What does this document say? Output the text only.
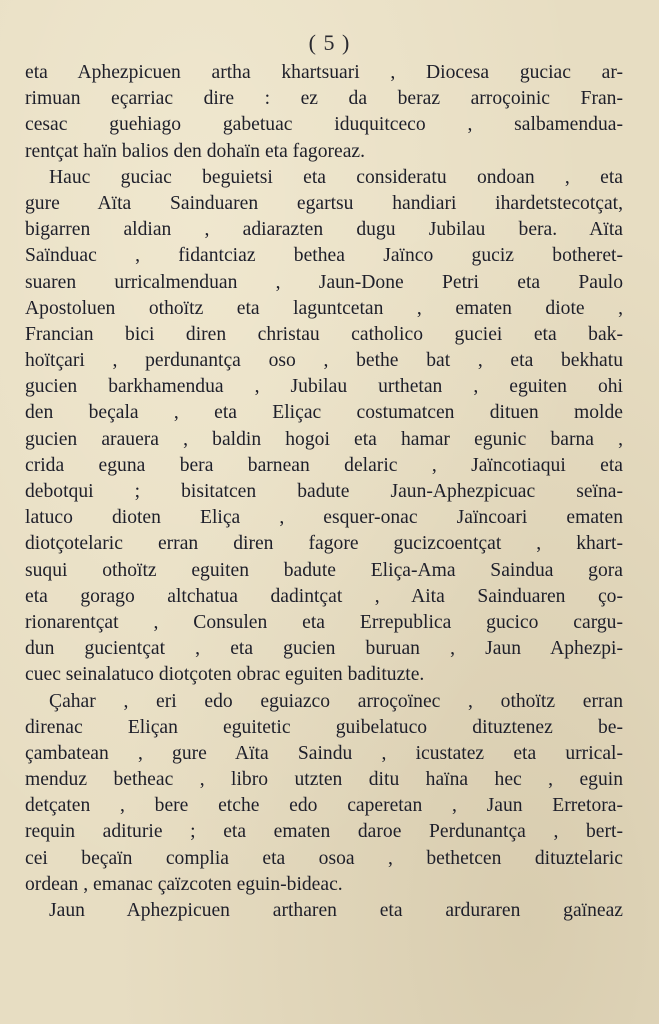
( 5 )
eta Aphezpicuen artha khartsuari , Diocesa guciac ar-
rimuan eçarriac dire : ez da beraz arroçoinic Fran-
cesac guehiago gabetuac iduquitceco , salbamendua-
rentçat haïn balios den dohaïn eta fagoreaz.
Hauc guciac beguietsi eta consideratu ondoan , eta
gure Aïta Sainduaren egartsu handiari ihardetstecotçat,
bigarren aldian , adiarazten dugu Jubilau bera. Aïta
Saïnduac , fidantciaz bethea Jaïnco guciz botheret-
suaren urricalmenduan , Jaun-Done Petri eta Paulo
Apostoluen othoïtz eta laguntcetan , ematen diote ,
Francian bici diren christau catholico guciei eta bak-
hoïtçari , perdunantça oso , bethe bat , eta bekhatu
gucien barkhamendua , Jubilau urthetan , eguiten ohi
den beçala , eta Eliçac costumatcen dituen molde
gucien arauera , baldin hogoi eta hamar egunic barna ,
crida eguna bera barnean delaric , Jaïncotiaqui eta
debotqui ; bisitatcen badute Jaun-Aphezpicuac seïna-
latuco dioten Eliça , esquer-onac Jaïncoari ematen
diotçotelaric erran diren fagore gucizcoentçat , khart-
suqui othoïtz eguiten badute Eliça-Ama Saindua gora
eta gorago altchatua dadintçat , Aita Sainduaren ço-
rionarentçat , Consulen eta Errepublica gucico cargu-
dun gucientçat , eta gucien buruan , Jaun Aphezpi-
cuec seinalatuco diotçoten obrac eguiten badituzte.
Çahar , eri edo eguiazco arroçoïnec , othoïtz erran
direnac Eliçan eguitetic guibelatuco dituztenez be-
çambatean , gure Aïta Saindu , icustatez eta urrical-
menduz betheac , libro utzten ditu haïna hec , eguin
detçaten , bere etche edo caperetan , Jaun Erretora-
requin aditurie ; eta ematen daroe Perdunantça , bert-
cei beçaïn complia eta osoa , bethetcen dituztelaric
ordean , emanac çaïzcoten eguin-bideac.
Jaun Aphezpicuen artharen eta arduraren gaïneaz
